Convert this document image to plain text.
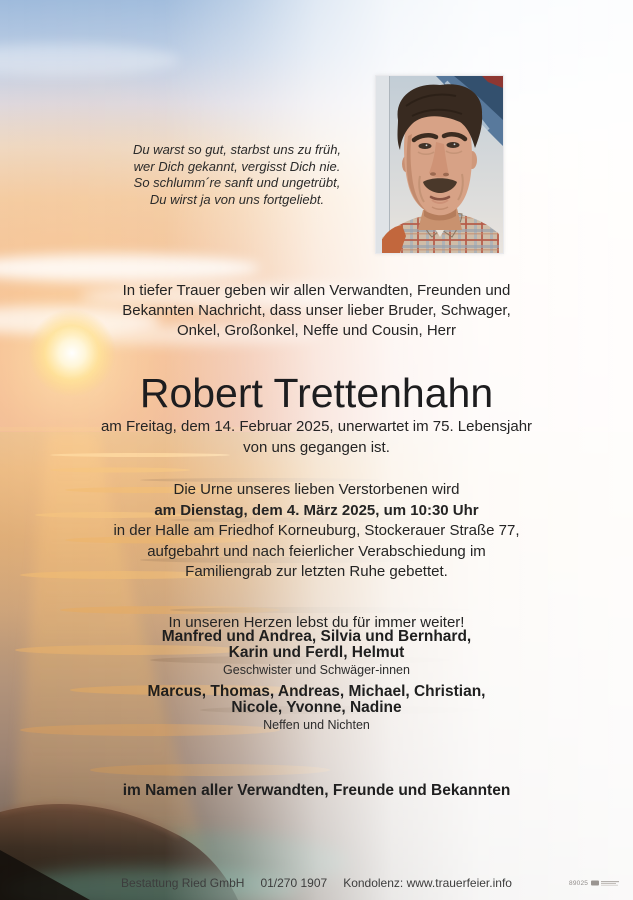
Du warst so gut, starbst uns zu früh,
wer Dich gekannt, vergisst Dich nie.
So schlumm´re sanft und ungetrübt,
Du wirst ja von uns fortgeliebt.

In tiefer Trauer geben wir allen Verwandten, Freunden und
Bekannten Nachricht, dass unser lieber Bruder, Schwager,
Onkel, Großonkel, Neffe und Cousin, Herr

Robert Trettenhahn

am Freitag, dem 14. Februar 2025, unerwartet im 75. Lebensjahr
von uns gegangen ist.

Die Urne unseres lieben Verstorbenen wird
am Dienstag, dem 4. März 2025, um 10:30 Uhr
in der Halle am Friedhof Korneuburg, Stockerauer Straße 77,
aufgebahrt und nach feierlicher Verabschiedung im
Familiengrab zur letzten Ruhe gebettet.

In unseren Herzen lebst du für immer weiter!

Manfred und Andrea, Silvia und Bernhard,
Karin und Ferdl, Helmut
Geschwister und Schwäger-innen
Marcus, Thomas, Andreas, Michael, Christian,
Nicole, Yvonne, Nadine
Neffen und Nichten

im Namen aller Verwandten, Freunde und Bekannten

Bestattung Ried GmbH 01/270 1907 Kondolenz: www.trauerfeier.info	89025
